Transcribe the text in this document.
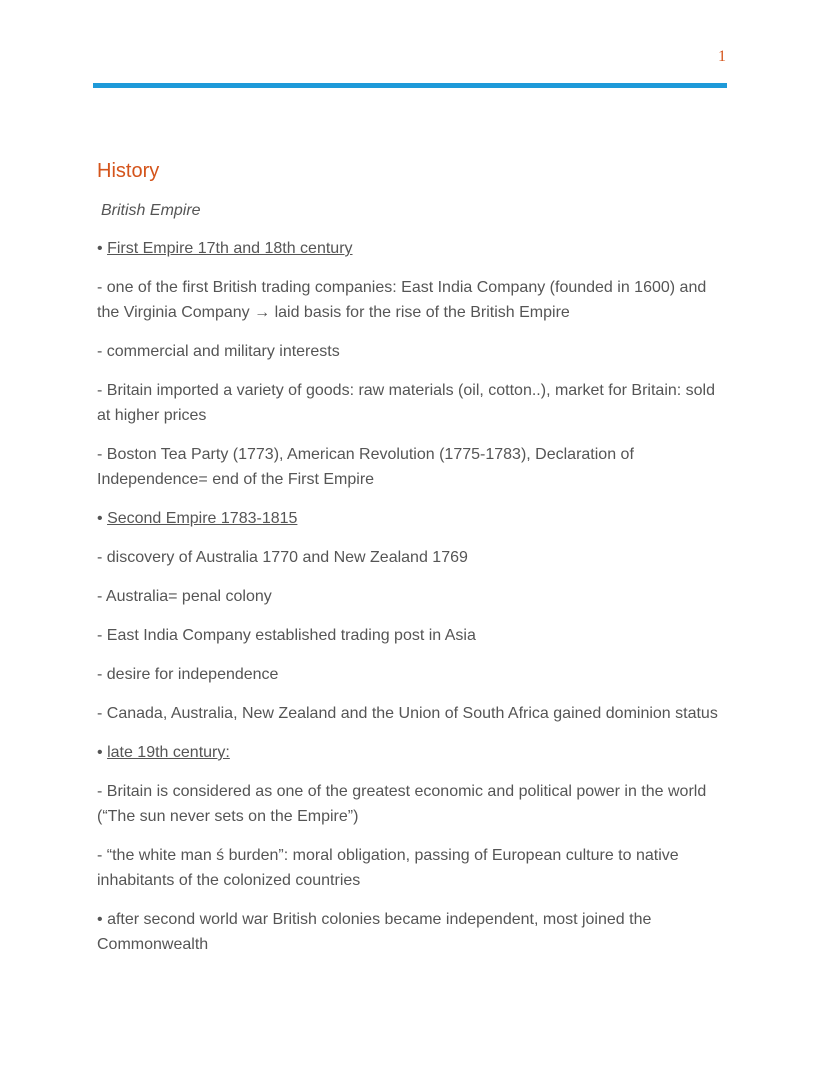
1
History
British Empire
• First Empire 17th and 18th century
- one of the first British trading companies: East India Company (founded in 1600) and the Virginia Company → laid basis for the rise of the British Empire
- commercial and military interests
- Britain imported a variety of goods: raw materials (oil, cotton..), market for Britain: sold at higher prices
- Boston Tea Party (1773), American Revolution (1775-1783), Declaration of Independence= end of the First Empire
• Second Empire 1783-1815
- discovery of Australia 1770 and New Zealand 1769
- Australia= penal colony
- East India Company established trading post in Asia
- desire for independence
- Canada, Australia, New Zealand and the Union of South Africa gained dominion status
• late 19th century:
- Britain is considered as one of the greatest economic and political power in the world (“The sun never sets on the Empire”)
- “the white man ś burden”: moral obligation, passing of European culture to native inhabitants of the colonized countries
• after second world war British colonies became independent, most joined the Commonwealth
